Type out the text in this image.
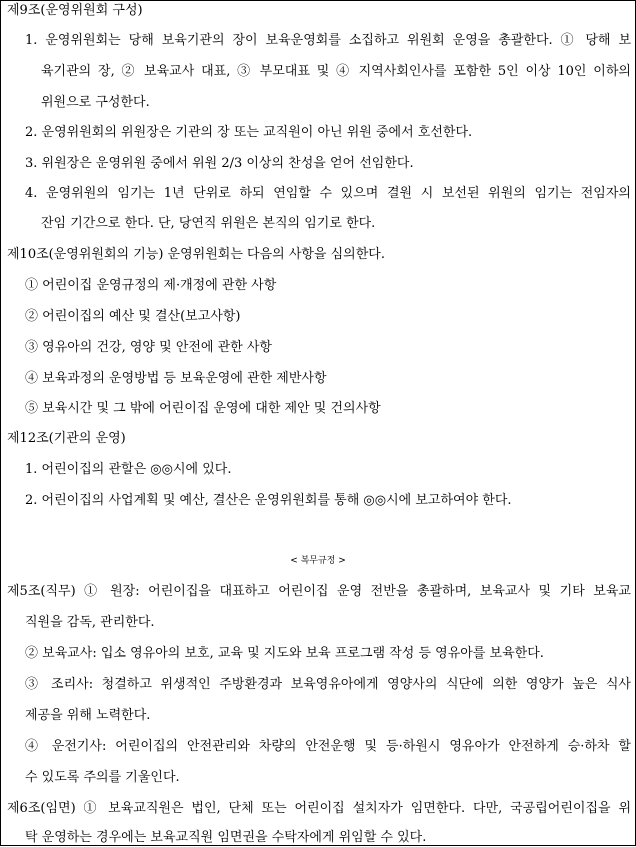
제9조(운영위원회 구성)
1. 운영위원회는 당해 보육기관의 장이 보육운영회를 소집하고 위원회 운영을 총괄한다. ① 당해 보
육기관의 장, ② 보육교사 대표, ③ 부모대표 및 ④ 지역사회인사를 포함한 5인 이상 10인 이하의
위원으로 구성한다.
2. 운영위원회의 위원장은 기관의 장 또는 교직원이 아닌 위원 중에서 호선한다.
3. 위원장은 운영위원 중에서 위원 2/3 이상의 찬성을 얻어 선임한다.
4. 운영위원의 임기는 1년 단위로 하되 연임할 수 있으며 결원 시 보선된 위원의 임기는 전임자의
잔임 기간으로 한다. 단, 당연직 위원은 본직의 임기로 한다.
제10조(운영위원회의 기능) 운영위원회는 다음의 사항을 심의한다.
① 어린이집 운영규정의 제·개정에 관한 사항
② 어린이집의 예산 및 결산(보고사항)
③ 영유아의 건강, 영양 및 안전에 관한 사항
④ 보육과정의 운영방법 등 보육운영에 관한 제반사항
⑤ 보육시간 및 그 밖에 어린이집 운영에 대한 제안 및 건의사항
제12조(기관의 운영)
1. 어린이집의 관할은 ◎◎시에 있다.
2. 어린이집의 사업계획 및 예산, 결산은 운영위원회를 통해 ◎◎시에 보고하여야 한다.
< 복무규정 >
제5조(직무) ① 원장: 어린이집을 대표하고 어린이집 운영 전반을 총괄하며, 보육교사 및 기타 보육교
직원을 감독, 관리한다.
② 보육교사: 입소 영유아의 보호, 교육 및 지도와 보육 프로그램 작성 등 영유아를 보육한다.
③ 조리사: 청결하고 위생적인 주방환경과 보육영유아에게 영양사의 식단에 의한 영양가 높은 식사
제공을 위해 노력한다.
④ 운전기사: 어린이집의 안전관리와 차량의 안전운행 및 등·하원시 영유아가 안전하게 승·하차 할
수 있도록 주의를 기울인다.
제6조(임면) ① 보육교직원은 법인, 단체 또는 어린이집 설치자가 임면한다. 다만, 국공립어린이집을 위
탁 운영하는 경우에는 보육교직원 임면권을 수탁자에게 위임할 수 있다.
